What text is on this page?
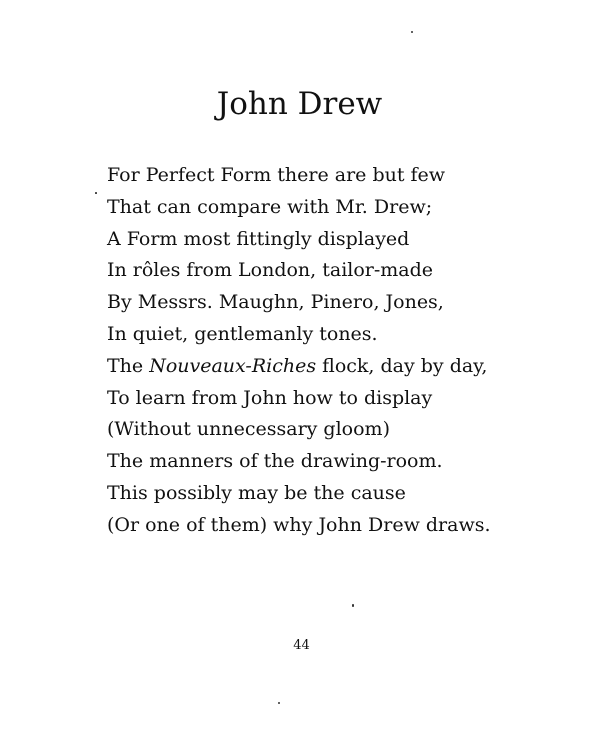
John Drew
For Perfect Form there are but few
That can compare with Mr. Drew;
A Form most fittingly displayed
In rôles from London, tailor-made
By Messrs. Maughn, Pinero, Jones,
In quiet, gentlemanly tones.
The Nouveaux-Riches flock, day by day,
To learn from John how to display
(Without unnecessary gloom)
The manners of the drawing-room.
This possibly may be the cause
(Or one of them) why John Drew draws.
44
